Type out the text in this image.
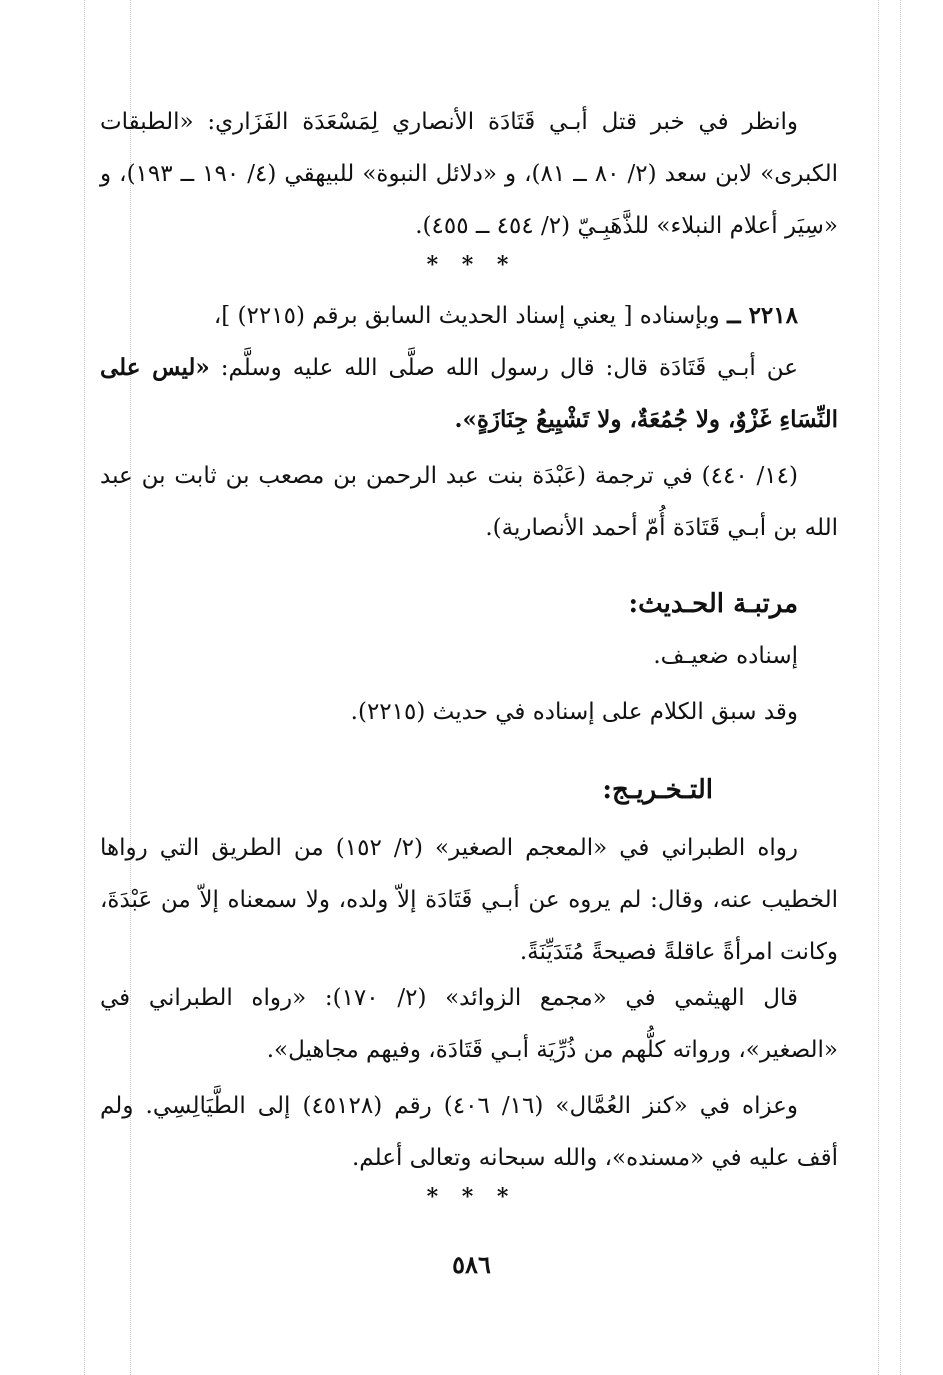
وانظر في خبر قتل أبـي قَتَادَة الأنصاري لِمَسْعَدَة الفَزَاري: «الطبقات الكبرى» لابن سعد (٢/ ٨٠ ــ ٨١)، و «دلائل النبوة» للبيهقي (٤/ ١٩٠ ــ ١٩٣)، و «سِيَر أعلام النبلاء» للذَّهَبِـيّ (٢/ ٤٥٤ ــ ٤٥٥).

* * *

٢٢١٨ ــ وبإسناده [ يعني إسناد الحديث السابق برقم (٢٢١٥) ]،

عن أبـي قَتَادَة قال: قال رسول الله صلَّى الله عليه وسلَّم: «ليس على النِّسَاءِ غَزْوٌ، ولا جُمُعَةٌ، ولا تَشْيِيعُ جِنَازَةٍ».

(١٤/ ٤٤٠) في ترجمة (عَبْدَة بنت عبد الرحمن بن مصعب بن ثابت بن عبد الله بن أبـي قَتَادَة أُمّ أحمد الأنصارية).

مرتبـة الحـديث:
إسناده ضعيـف.
وقد سبق الكلام على إسناده في حديث (٢٢١٥).
التـخـريـج:

رواه الطبراني في «المعجم الصغير» (٢/ ١٥٢) من الطريق التي رواها الخطيب عنه، وقال: لم يروه عن أبـي قَتَادَة إلاّ ولده، ولا سمعناه إلاّ من عَبْدَةَ، وكانت امرأةً عاقلةً فصيحةً مُتَدَيِّنَةً.

قال الهيثمي في «مجمع الزوائد» (٢/ ١٧٠): «رواه الطبراني في «الصغير»، ورواته كلُّهم من ذُرِّيَة أبـي قَتَادَة، وفيهم مجاهيل».

وعزاه في «كنز العُمَّال» (١٦/ ٤٠٦) رقم (٤٥١٢٨) إلى الطَّيَالِسِي. ولم أقف عليه في «مسنده»، والله سبحانه وتعالى أعلم.

* * *
٥٨٦
